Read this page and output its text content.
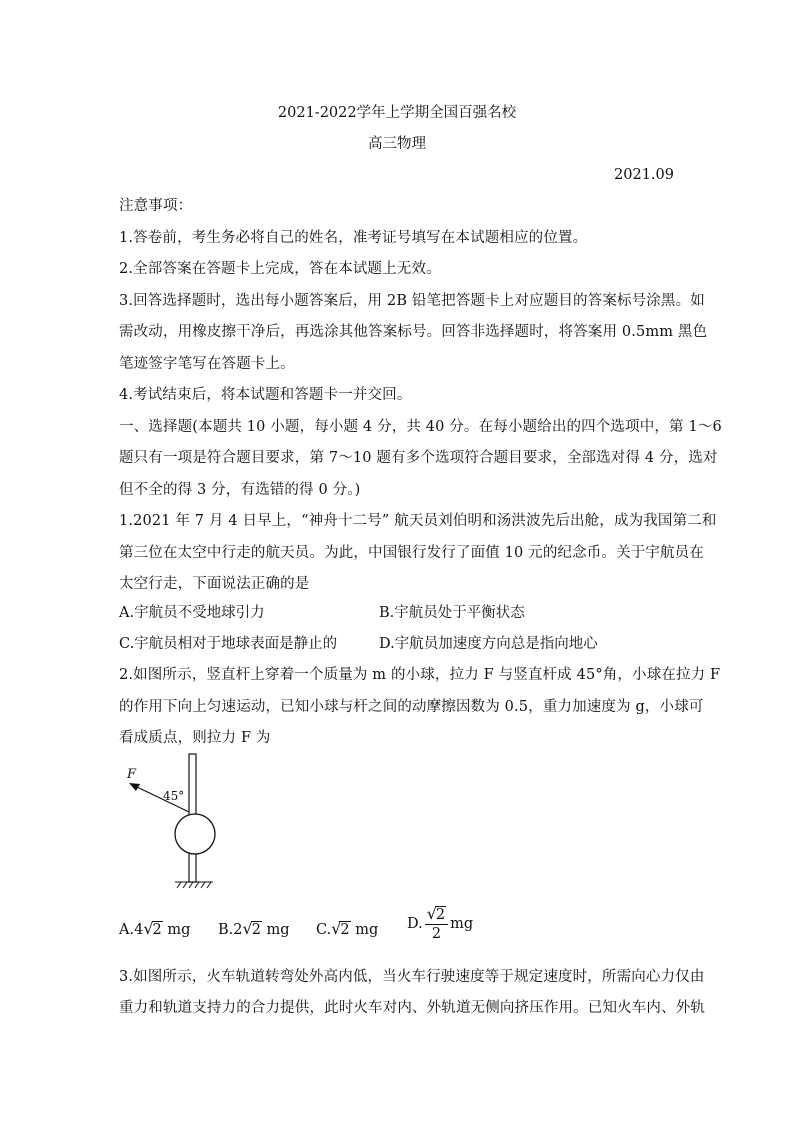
2021-2022学年上学期全国百强名校
高三物理
2021.09
注意事项：
1.答卷前，考生务必将自己的姓名，准考证号填写在本试题相应的位置。
2.全部答案在答题卡上完成，答在本试题上无效。
3.回答选择题时，选出每小题答案后，用 2B 铅笔把答题卡上对应题目的答案标号涂黑。如
需改动，用橡皮擦干净后，再选涂其他答案标号。回答非选择题时，将答案用 0.5mm 黑色
笔迹签字笔写在答题卡上。
4.考试结束后，将本试题和答题卡一并交回。
一、选择题(本题共 10 小题，每小题 4 分，共 40 分。在每小题给出的四个选项中，第 1～6
题只有一项是符合题目要求，第 7～10 题有多个选项符合题目要求，全部选对得 4 分，选对
但不全的得 3 分，有选错的得 0 分。)
1.2021 年 7 月 4 日早上，“神舟十二号” 航天员刘伯明和汤洪波先后出舱，成为我国第二和
第三位在太空中行走的航天员。为此，中国银行发行了面值 10 元的纪念币。关于宇航员在
太空行走，下面说法正确的是
A.宇航员不受地球引力	B.宇航员处于平衡状态
C.宇航员相对于地球表面是静止的	D.宇航员加速度方向总是指向地心
2.如图所示，竖直杆上穿着一个质量为 m 的小球，拉力 F 与竖直杆成 45°角，小球在拉力 F
的作用下向上匀速运动，已知小球与杆之间的动摩擦因数为 0.5，重力加速度为 g，小球可
看成质点，则拉力 F 为
F
45°
A.4√2 mg B.2√2 mg C.√2 mg D. $\frac{√2}{2}$ mg
3.如图所示，火车轨道转弯处外高内低，当火车行驶速度等于规定速度时，所需向心力仅由
重力和轨道支持力的合力提供，此时火车对内、外轨道无侧向挤压作用。已知火车内、外轨
